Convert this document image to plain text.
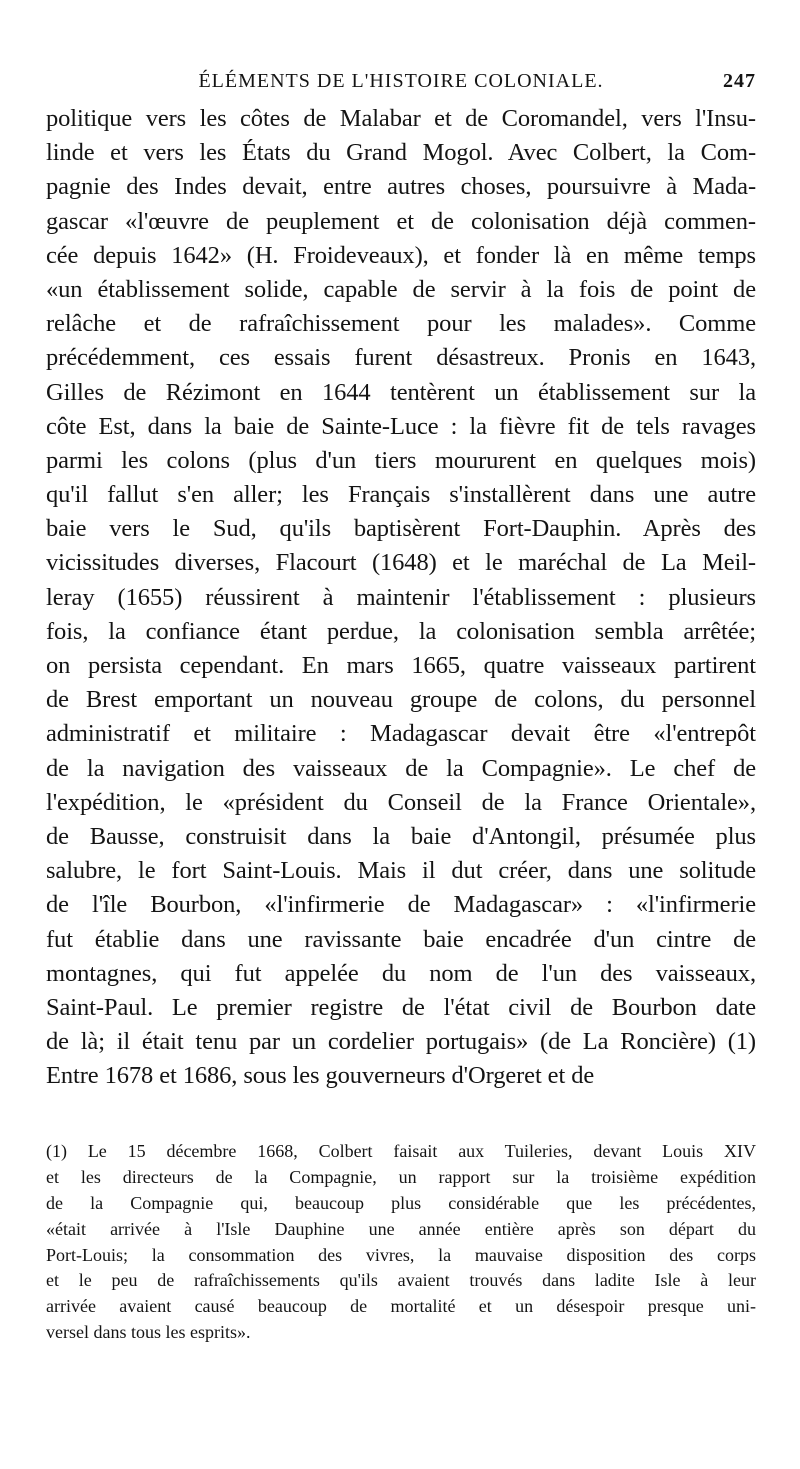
ÉLÉMENTS DE L'HISTOIRE COLONIALE.	247
politique vers les côtes de Malabar et de Coromandel, vers l'Insu-
linde et vers les États du Grand Mogol. Avec Colbert, la Com-
pagnie des Indes devait, entre autres choses, poursuivre à Mada-
gascar «l'œuvre de peuplement et de colonisation déjà commen-
cée depuis 1642» (H. Froideveaux), et fonder là en même temps
«un établissement solide, capable de servir à la fois de point de
relâche et de rafraîchissement pour les malades». Comme
précédemment, ces essais furent désastreux. Pronis en 1643,
Gilles de Rézimont en 1644 tentèrent un établissement sur la
côte Est, dans la baie de Sainte-Luce : la fièvre fit de tels ravages
parmi les colons (plus d'un tiers moururent en quelques mois)
qu'il fallut s'en aller; les Français s'installèrent dans une autre
baie vers le Sud, qu'ils baptisèrent Fort-Dauphin. Après des
vicissitudes diverses, Flacourt (1648) et le maréchal de La Meil-
leray (1655) réussirent à maintenir l'établissement : plusieurs
fois, la confiance étant perdue, la colonisation sembla arrêtée;
on persista cependant. En mars 1665, quatre vaisseaux partirent
de Brest emportant un nouveau groupe de colons, du personnel
administratif et militaire : Madagascar devait être «l'entrepôt
de la navigation des vaisseaux de la Compagnie». Le chef de
l'expédition, le «président du Conseil de la France Orientale»,
de Bausse, construisit dans la baie d'Antongil, présumée plus
salubre, le fort Saint-Louis. Mais il dut créer, dans une solitude
de l'île Bourbon, «l'infirmerie de Madagascar» : «l'infirmerie
fut établie dans une ravissante baie encadrée d'un cintre de
montagnes, qui fut appelée du nom de l'un des vaisseaux,
Saint-Paul. Le premier registre de l'état civil de Bourbon date
de là; il était tenu par un cordelier portugais» (de La Roncière) (1)
Entre 1678 et 1686, sous les gouverneurs d'Orgeret et de
(1) Le 15 décembre 1668, Colbert faisait aux Tuileries, devant Louis XIV
et les directeurs de la Compagnie, un rapport sur la troisième expédition
de la Compagnie qui, beaucoup plus considérable que les précédentes,
«était arrivée à l'Isle Dauphine une année entière après son départ du
Port-Louis; la consommation des vivres, la mauvaise disposition des corps
et le peu de rafraîchissements qu'ils avaient trouvés dans ladite Isle à leur
arrivée avaient causé beaucoup de mortalité et un désespoir presque uni-
versel dans tous les esprits».
